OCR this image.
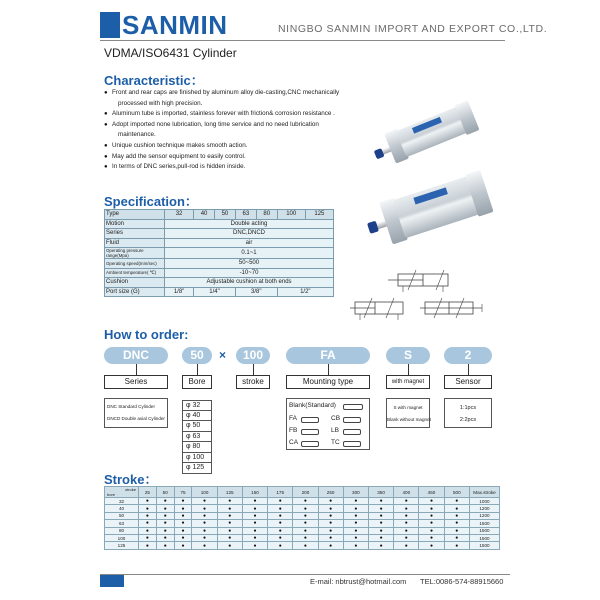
SANMIN	NINGBO SANMIN IMPORT AND EXPORT CO.,LTD.
VDMA/ISO6431 Cylinder
Characteristic：
● Front and rear caps are finished by aluminum alloy die-casting,CNC mechanically
processed with high precision.
● Aluminum tube is imported, stainless forever with friction& corrosion resistance .
● Adopt imported none lubrication, long time service and no need lubrication
maintenance.
● Unique cushion technique makes smooth action.
● May add the sensor equipment to easily control.
● In terms of DNC series,pull-rod is hidden inside.
Specification：
Type	32	40	50	63	80	100	125
Motion	Double acting						
Series	DNC,DNCD						
Fluid	air						
Operating pressure range(Mpa)	0.1~1						
Operating speed(mm/sec)	50~500						
Ambient temperature( ℃)	-10~70						
Cushion	Adjustable cushion at both ends						
Port size (G)	1/8"	1/4"		3/8"		1/2"	
How to order:
DNC	50	×	100	FA	S	2
Series	Bore	stroke	Mounting type	with magnet	Sensor
DNC Standard Cylinder
DNCD Double axial Cylinder
φ 32
φ 40
φ 50
φ 63
φ 80
φ 100
φ 125
Blank(Standard)
FA	CB
FB	LB
CA	TC
S with magnet
Blank without magnet
1:1pcs
2:2pcs
Stroke：
stroke
bore	25	50	75	100	125	150	175	200	250	300	350	400	450	500	Max.stroke
32	●	●	●	●	●	●	●	●	●	●	●	●	●	●	1000
40	●	●	●	●	●	●	●	●	●	●	●	●	●	●	1200
50	●	●	●	●	●	●	●	●	●	●	●	●	●	●	1200
63	●	●	●	●	●	●	●	●	●	●	●	●	●	●	1500
80	●	●	●	●	●	●	●	●	●	●	●	●	●	●	1500
100	●	●	●	●	●	●	●	●	●	●	●	●	●	●	1500
125	●	●	●	●	●	●	●	●	●	●	●	●	●	●	1500
E-mail: nbtrust@hotmail.com TEL:0086-574-88915660
